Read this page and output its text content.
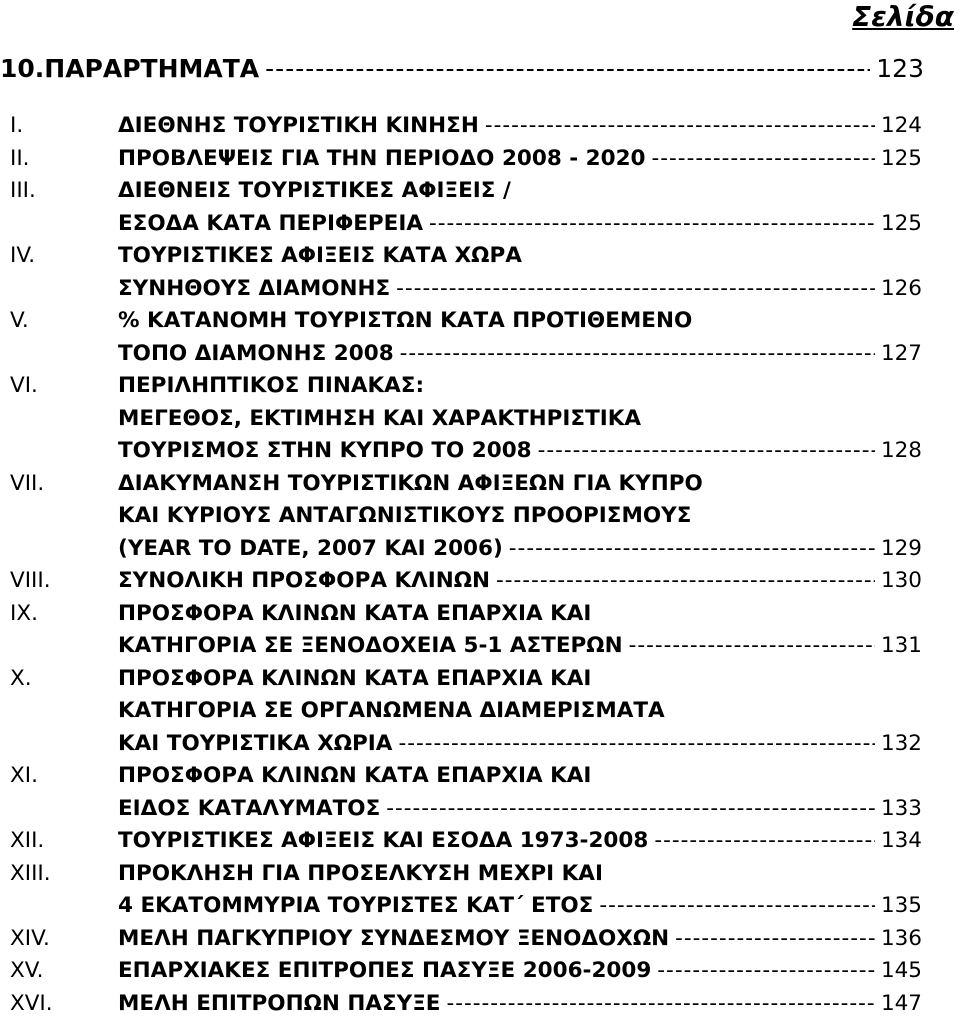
Σελίδα
10.ΠΑΡΑΡΤΗΜΑΤΑ -----	123
I.	ΔΙΕΘΝΗΣ ΤΟΥΡΙΣΤΙΚΗ ΚΙΝΗΣΗ -----	124
II.	ΠΡΟΒΛΕΨΕΙΣ ΓΙΑ ΤΗΝ ΠΕΡΙΟΔΟ 2008 - 2020 -----	125
III.	ΔΙΕΘΝΕΙΣ ΤΟΥΡΙΣΤΙΚΕΣ ΑΦΙΞΕΙΣ /
ΕΣΟΔΑ ΚΑΤΑ ΠΕΡΙΦΕΡΕΙΑ -----	125
IV.	ΤΟΥΡΙΣΤΙΚΕΣ ΑΦΙΞΕΙΣ ΚΑΤΑ ΧΩΡΑ
ΣΥΝΗΘΟΥΣ ΔΙΑΜΟΝΗΣ -----	126
V.	% ΚΑΤΑΝΟΜΗ ΤΟΥΡΙΣΤΩΝ ΚΑΤΑ ΠΡΟΤΙΘΕΜΕΝΟ
ΤΟΠΟ ΔΙΑΜΟΝΗΣ 2008 -----	127
VI.	ΠΕΡΙΛΗΠΤΙΚΟΣ ΠΙΝΑΚΑΣ:
ΜΕΓΕΘΟΣ, ΕΚΤΙΜΗΣΗ ΚΑΙ ΧΑΡΑΚΤΗΡΙΣΤΙΚΑ
ΤΟΥΡΙΣΜΟΣ ΣΤΗΝ ΚΥΠΡΟ ΤΟ 2008 -----	128
VII.	ΔΙΑΚΥΜΑΝΣΗ ΤΟΥΡΙΣΤΙΚΩΝ ΑΦΙΞΕΩΝ ΓΙΑ ΚΥΠΡΟ
ΚΑΙ ΚΥΡΙΟΥΣ ΑΝΤΑΓΩΝΙΣΤΙΚΟΥΣ ΠΡΟΟΡΙΣΜΟΥΣ
(YEAR TO DATE, 2007 ΚΑΙ 2006) -----	129
VIII.	ΣΥΝΟΛΙΚΗ ΠΡΟΣΦΟΡΑ ΚΛΙΝΩΝ -----	130
IX.	ΠΡΟΣΦΟΡΑ ΚΛΙΝΩΝ ΚΑΤΑ ΕΠΑΡΧΙΑ ΚΑΙ
ΚΑΤΗΓΟΡΙΑ ΣΕ ΞΕΝΟΔΟΧΕΙΑ 5-1 ΑΣΤΕΡΩΝ -----	131
X.	ΠΡΟΣΦΟΡΑ ΚΛΙΝΩΝ ΚΑΤΑ ΕΠΑΡΧΙΑ ΚΑΙ
ΚΑΤΗΓΟΡΙΑ ΣΕ ΟΡΓΑΝΩΜΕΝΑ ΔΙΑΜΕΡΙΣΜΑΤΑ
ΚΑΙ ΤΟΥΡΙΣΤΙΚΑ ΧΩΡΙΑ -----	132
XI.	ΠΡΟΣΦΟΡΑ ΚΛΙΝΩΝ ΚΑΤΑ ΕΠΑΡΧΙΑ ΚΑΙ
ΕΙΔΟΣ ΚΑΤΑΛΥΜΑΤΟΣ -----	133
XII.	ΤΟΥΡΙΣΤΙΚΕΣ ΑΦΙΞΕΙΣ ΚΑΙ ΕΣΟΔΑ 1973-2008 -----	134
XIII.	ΠΡΟΚΛΗΣΗ ΓΙΑ ΠΡΟΣΕΛΚΥΣΗ ΜΕΧΡΙ ΚΑΙ
4 ΕΚΑΤΟΜΜΥΡΙΑ ΤΟΥΡΙΣΤΕΣ ΚΑΤ΄ ΕΤΟΣ -----	135
XIV.	ΜΕΛΗ ΠΑΓΚΥΠΡΙΟΥ ΣΥΝΔΕΣΜΟΥ ΞΕΝΟΔΟΧΩΝ -----	136
XV.	ΕΠΑΡΧΙΑΚΕΣ ΕΠΙΤΡΟΠΕΣ ΠΑΣΥΞΕ 2006-2009 -----	145
XVI.	ΜΕΛΗ ΕΠΙΤΡΟΠΩΝ ΠΑΣΥΞΕ -----	147
